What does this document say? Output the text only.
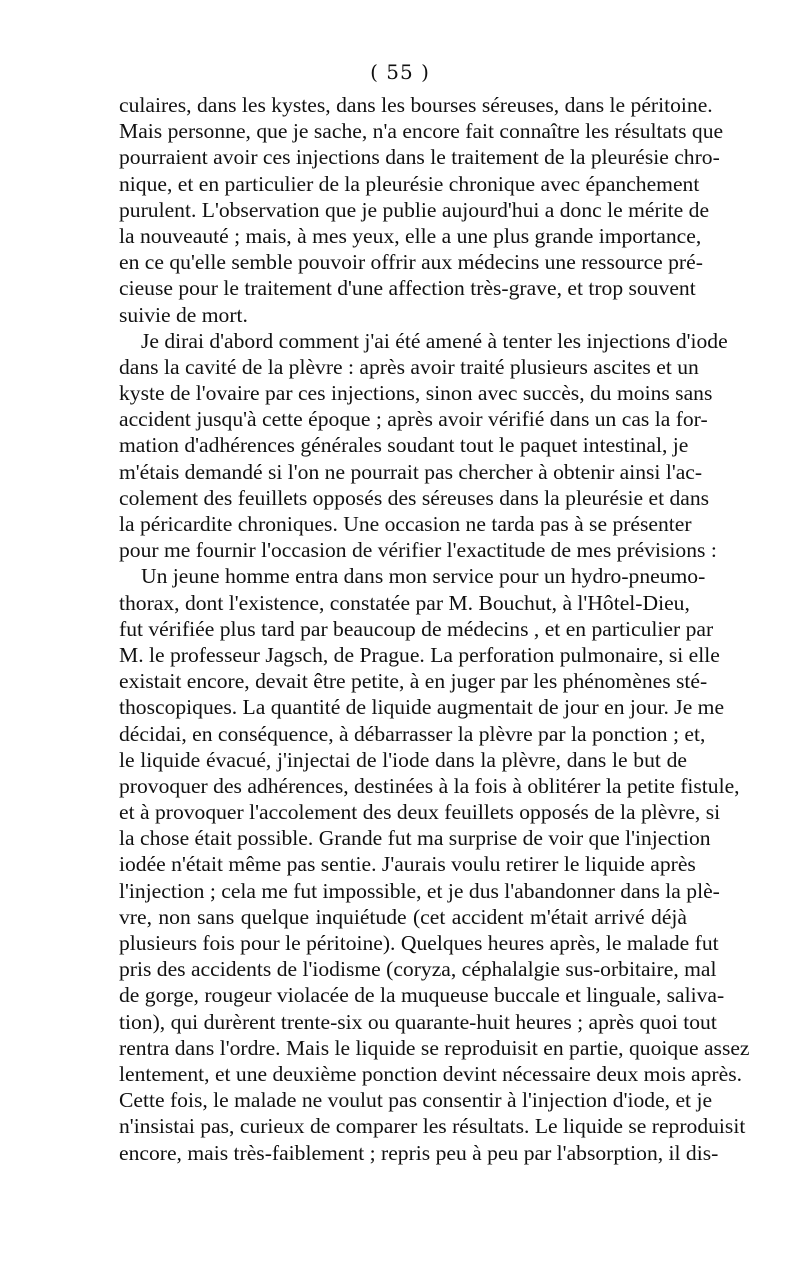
( 55 )
culaires, dans les kystes, dans les bourses séreuses, dans le péritoine.
Mais personne, que je sache, n'a encore fait connaître les résultats que
pourraient avoir ces injections dans le traitement de la pleurésie chro-
nique, et en particulier de la pleurésie chronique avec épanchement
purulent. L'observation que je publie aujourd'hui a donc le mérite de
la nouveauté ; mais, à mes yeux, elle a une plus grande importance,
en ce qu'elle semble pouvoir offrir aux médecins une ressource pré-
cieuse pour le traitement d'une affection très-grave, et trop souvent
suivie de mort.
Je dirai d'abord comment j'ai été amené à tenter les injections d'iode
dans la cavité de la plèvre : après avoir traité plusieurs ascites et un
kyste de l'ovaire par ces injections, sinon avec succès, du moins sans
accident jusqu'à cette époque ; après avoir vérifié dans un cas la for-
mation d'adhérences générales soudant tout le paquet intestinal, je
m'étais demandé si l'on ne pourrait pas chercher à obtenir ainsi l'ac-
colement des feuillets opposés des séreuses dans la pleurésie et dans
la péricardite chroniques. Une occasion ne tarda pas à se présenter
pour me fournir l'occasion de vérifier l'exactitude de mes prévisions :
Un jeune homme entra dans mon service pour un hydro-pneumo-
thorax, dont l'existence, constatée par M. Bouchut, à l'Hôtel-Dieu,
fut vérifiée plus tard par beaucoup de médecins , et en particulier par
M. le professeur Jagsch, de Prague. La perforation pulmonaire, si elle
existait encore, devait être petite, à en juger par les phénomènes sté-
thoscopiques. La quantité de liquide augmentait de jour en jour. Je me
décidai, en conséquence, à débarrasser la plèvre par la ponction ; et,
le liquide évacué, j'injectai de l'iode dans la plèvre, dans le but de
provoquer des adhérences, destinées à la fois à oblitérer la petite fistule,
et à provoquer l'accolement des deux feuillets opposés de la plèvre, si
la chose était possible. Grande fut ma surprise de voir que l'injection
iodée n'était même pas sentie. J'aurais voulu retirer le liquide après
l'injection ; cela me fut impossible, et je dus l'abandonner dans la plè-
vre, non sans quelque inquiétude (cet accident m'était arrivé déjà
plusieurs fois pour le péritoine). Quelques heures après, le malade fut
pris des accidents de l'iodisme (coryza, céphalalgie sus-orbitaire, mal
de gorge, rougeur violacée de la muqueuse buccale et linguale, saliva-
tion), qui durèrent trente-six ou quarante-huit heures ; après quoi tout
rentra dans l'ordre. Mais le liquide se reproduisit en partie, quoique assez
lentement, et une deuxième ponction devint nécessaire deux mois après.
Cette fois, le malade ne voulut pas consentir à l'injection d'iode, et je
n'insistai pas, curieux de comparer les résultats. Le liquide se reproduisit
encore, mais très-faiblement ; repris peu à peu par l'absorption, il dis-
